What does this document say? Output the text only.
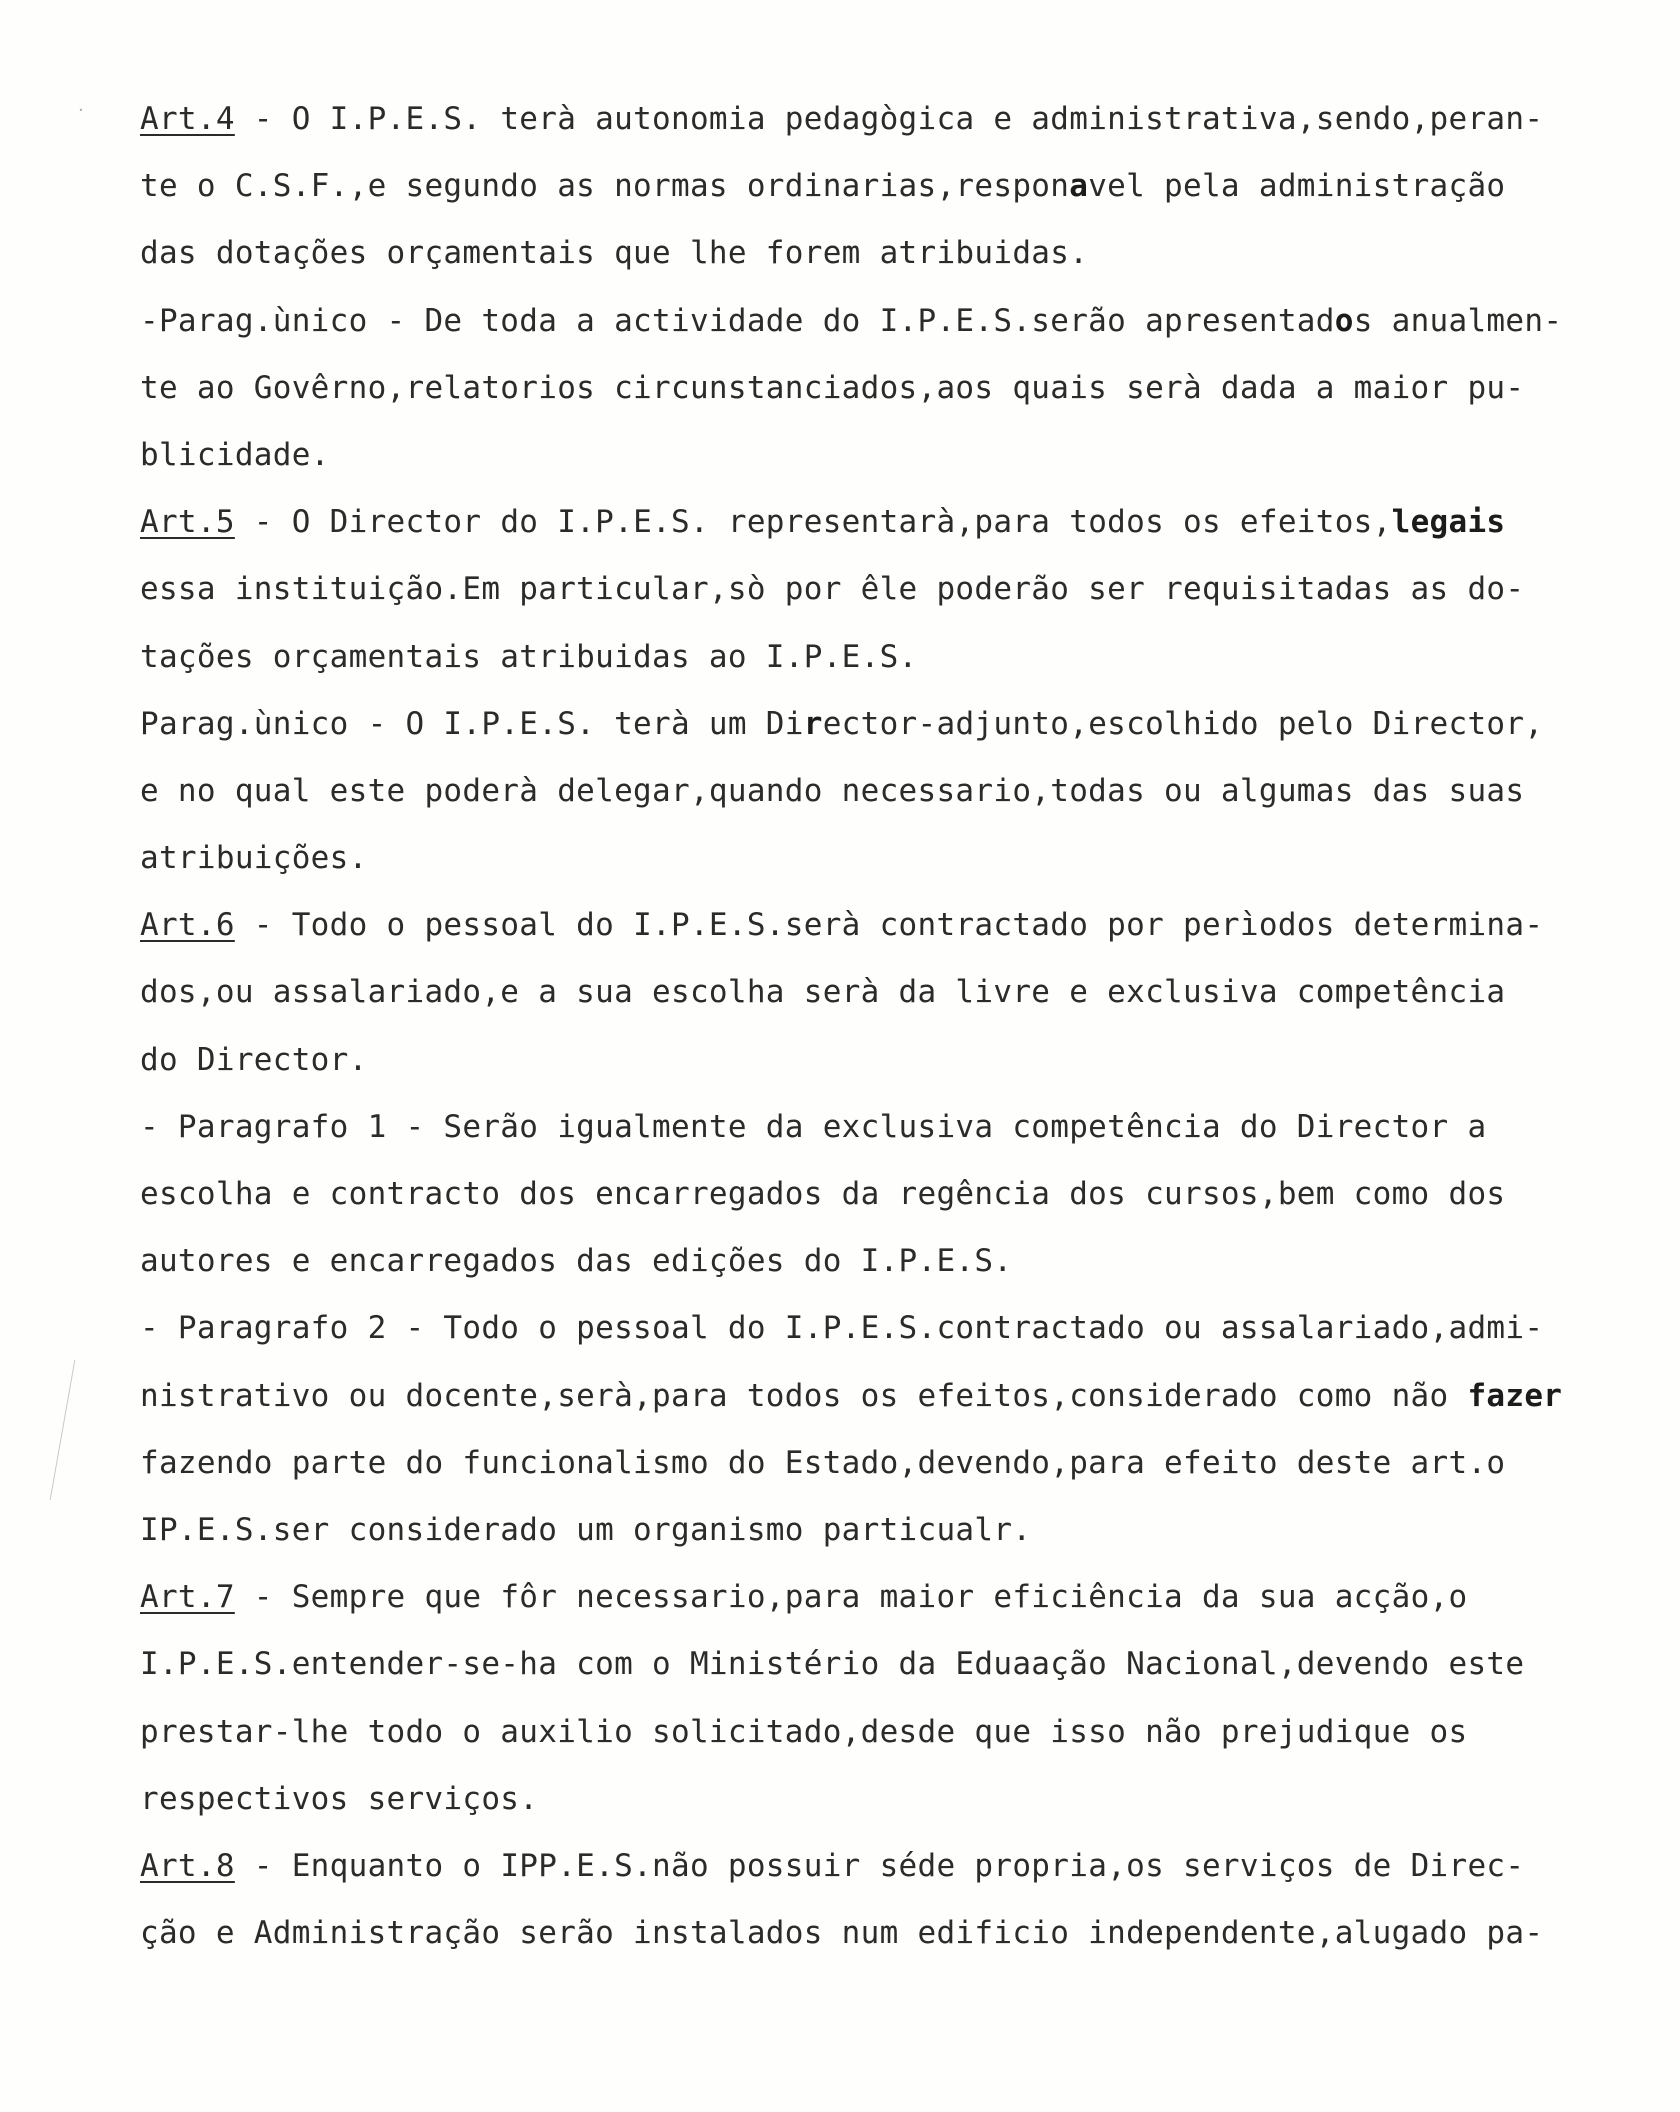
· Art.4 - O I.P.E.S. terà autonomia pedagògica e administrativa,sendo,peran-
te o C.S.F.,e segundo as normas ordinarias,responavel pela administração
das dotações orçamentais que lhe forem atribuidas.
-Parag.ùnico - De toda a actividade do I.P.E.S.serão apresentados anualmen-
te ao Govêrno,relatorios circunstanciados,aos quais serà dada a maior pu-
blicidade.
Art.5 - O Director do I.P.E.S. representarà,para todos os efeitos,legais
essa instituição.Em particular,sò por êle poderão ser requisitadas as do-
tações orçamentais atribuidas ao I.P.E.S.
Parag.ùnico - O I.P.E.S. terà um Director-adjunto,escolhido pelo Director,
e no qual este poderà delegar,quando necessario,todas ou algumas das suas
atribuições.
Art.6 - Todo o pessoal do I.P.E.S.serà contractado por perìodos determina-
dos,ou assalariado,e a sua escolha serà da livre e exclusiva competência
do Director.
- Paragrafo 1 - Serão igualmente da exclusiva competência do Director a
escolha e contracto dos encarregados da regência dos cursos,bem como dos
autores e encarregados das edições do I.P.E.S.
- Paragrafo 2 - Todo o pessoal do I.P.E.S.contractado ou assalariado,admi-
nistrativo ou docente,serà,para todos os efeitos,considerado como não fazer
fazendo parte do funcionalismo do Estado,devendo,para efeito deste art.o
IP.E.S.ser considerado um organismo particualr.
Art.7 - Sempre que fôr necessario,para maior eficiência da sua acção,o
I.P.E.S.entender-se-ha com o Ministério da Eduaação Nacional,devendo este
prestar-lhe todo o auxilio solicitado,desde que isso não prejudique os
respectivos serviços.
Art.8 - Enquanto o IPP.E.S.não possuir séde propria,os serviços de Direc-
ção e Administração serão instalados num edificio independente,alugado pa-
